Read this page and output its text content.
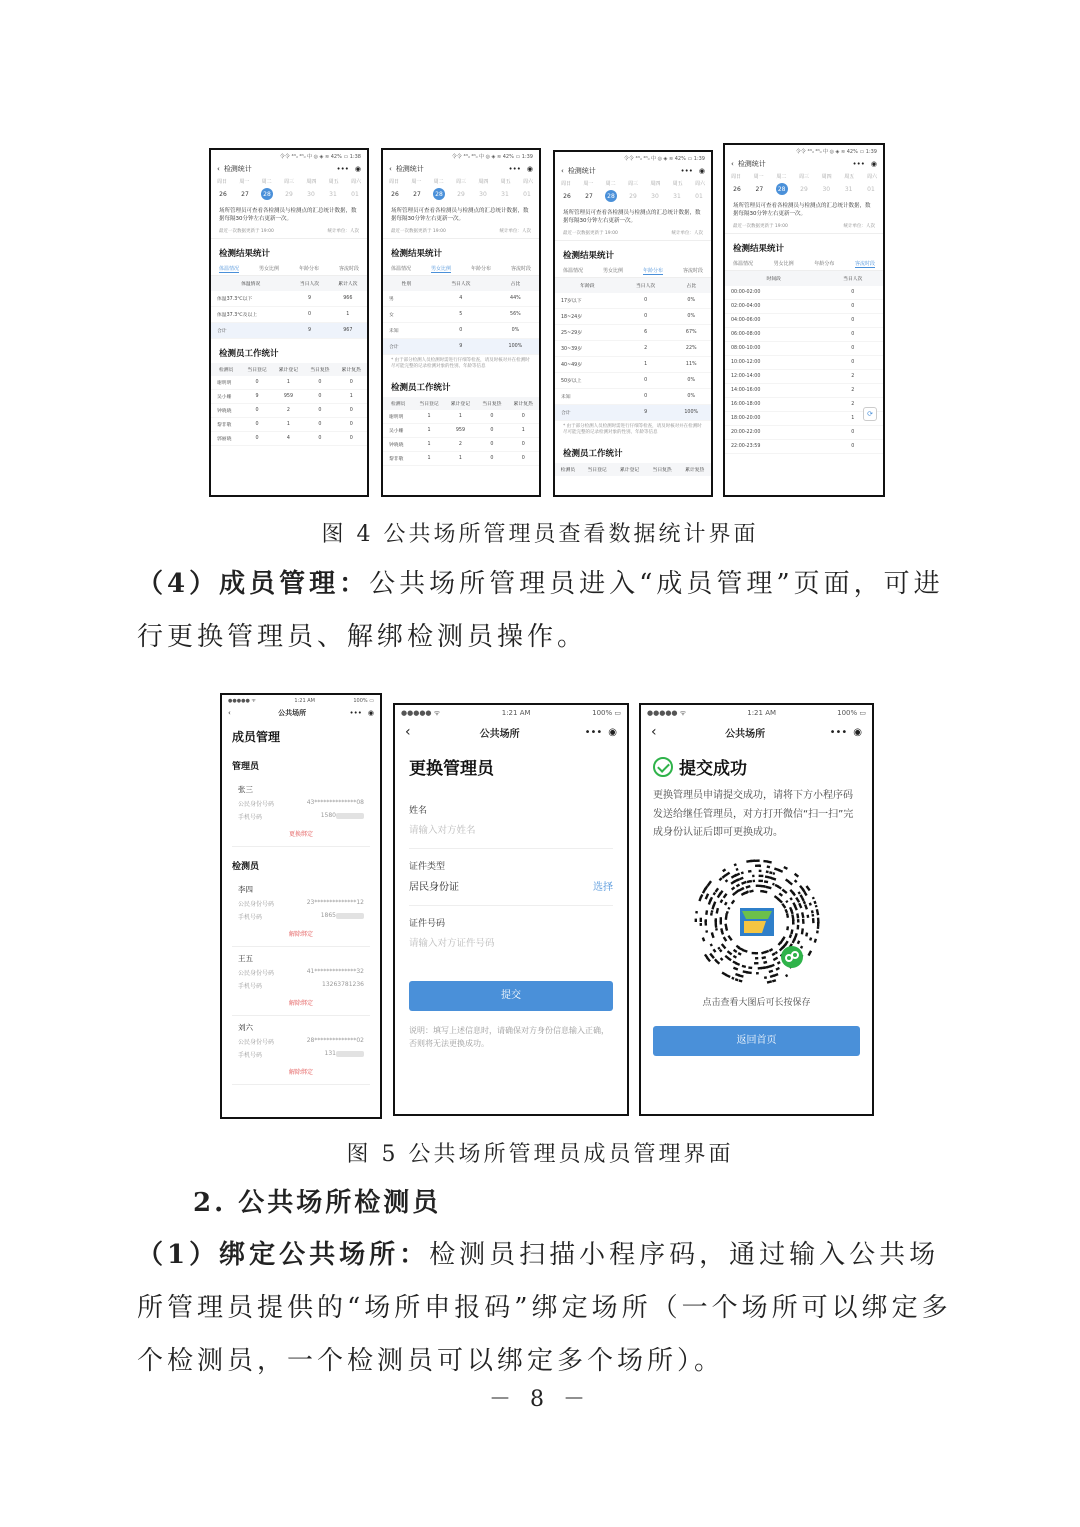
令令 ⁴ᴳᵢₗ ⁴ᴳᵢₗ 中 ◎ ◈ ≋ 42% ▭ 1:38
‹ 检测统计	••• ◉
周日 周一 周二 周三 周四 周五 周六
26	27	28	29	30	31	01
场所管理员可查看各检测员与检测点的汇总统计数据，数据每隔30分钟左右更新一次。
最近一次数据更新于 19:00	统计单位：人次
检测结果统计
体温情况	男女比例	年龄分布	客流时段
体温情况	当日人次	累计人次
体温37.3℃以下	9	966
体温37.3℃及以上	0	1
合计	9	967
检测员工作统计
检测员	当日登记	累计登记	当日复热	累计复热
谢明明	0	1	0	0
吴小姗	9	959	0	1
钟晓晓	0	2	0	0
黎非敬	0	1	0	0
郭丽晓	0	4	0	0
令令 ⁴ᴳᵢₗ ⁴ᴳᵢₗ 中 ◎ ◈ ≋ 42% ▭ 1:39
‹ 检测统计	••• ◉
周日 周一 周二 周三 周四 周五 周六
26	27	28	29	30	31	01
场所管理员可查看各检测员与检测点的汇总统计数据，数据每隔30分钟左右更新一次。
最近一次数据更新于 19:00	统计单位：人次
检测结果统计
体温情况	男女比例	年龄分布	客流时段
性别	当日人次	占比
男	4	44%
女	5	56%
未知	0	0%
合计	9	100%
* 由于部分检测人员检测时需进行仔细等检查，请及时核对并在检测时尽可能完整的记录检测对象的性别、年龄等信息
检测员工作统计
检测员	当日登记	累计登记	当日复热	累计复热
谢明明	1	1	0	0
吴小姗	1	959	0	1
钟晓晓	1	2	0	0
黎非敬	1	1	0	0
令令 ⁴ᴳᵢₗ ⁴ᴳᵢₗ 中 ◎ ◈ ≋ 42% ▭ 1:39
‹ 检测统计	••• ◉
周日 周一 周二 周三 周四 周五 周六
26	27	28	29	30	31	01
场所管理员可查看各检测员与检测点的汇总统计数据，数据每隔30分钟左右更新一次。
最近一次数据更新于 19:00	统计单位：人次
检测结果统计
体温情况	男女比例	年龄分布	客流时段
年龄段	当日人次	占比
17岁以下	0	0%
18~24岁	0	0%
25~29岁	6	67%
30~39岁	2	22%
40~49岁	1	11%
50岁以上	0	0%
未知	0	0%
合计	9	100%
* 由于部分检测人员检测时需进行仔细等检查，请及时核对并在检测时尽可能完整的记录检测对象的性别、年龄等信息
检测员工作统计
检测员	当日登记	累计登记	当日复热	累计复热
令令 ⁴ᴳᵢₗ ⁴ᴳᵢₗ 中 ◎ ◈ ≋ 42% ▭ 1:39
‹ 检测统计	••• ◉
周日	周一	周二	周三	周四	周五	周六
26	27	28	29	30	31	01
场所管理员可查看各检测员与检测点的汇总统计数据，数据每隔30分钟左右更新一次。
最近一次数据更新于 19:00	统计单位：人次
检测结果统计
体温情况	男女比例	年龄分布	客流时段
时间段	当日人次
00:00-02:00	0
02:00-04:00	0
04:00-06:00	0
06:00-08:00	0
08:00-10:00	0
10:00-12:00	0
12:00-14:00	2
14:00-16:00	2
16:00-18:00	2
18:00-20:00	1
20:00-22:00	0
22:00-23:59	0
⟳
图 4 公共场所管理员查看数据统计界面
（4）成员管理：公共场所管理员进入“成员管理”页面，可进行更换管理员、解绑检测员操作。
●●●●● ᯤ	1:21 AM	100% ▭
‹	公共场所	••• ◉
成员管理
管理员
张三
公民身份号码	43**************08
手机号码	1580
更换绑定
检测员
李四
公民身份号码	23**************12
手机号码	1865
解除绑定
王五
公民身份号码	41**************32
手机号码	13263781236
解除绑定
刘六
公民身份号码	28**************02
手机号码	131
解除绑定
●●●●● ᯤ	1:21 AM	100% ▭
‹	公共场所	••• ◉
更换管理员
姓名
请输入对方姓名
证件类型
居民身份证	选择
证件号码
请输入对方证件号码
提交
说明：填写上述信息时，请确保对方身份信息输入正确，否则将无法更换成功。
●●●●● ᯤ	1:21 AM	100% ▭
‹	公共场所	••• ◉
提交成功
更换管理员申请提交成功，请将下方小程序码发送给继任管理员，对方打开微信“扫一扫”完成身份认证后即可更换成功。
点击查看大图后可长按保存
返回首页
图 5 公共场所管理员成员管理界面
2. 公共场所检测员
（1）绑定公共场所：检测员扫描小程序码，通过输入公共场所管理员提供的“场所申报码”绑定场所（一个场所可以绑定多个检测员，一个检测员可以绑定多个场所）。
－ 8 －
